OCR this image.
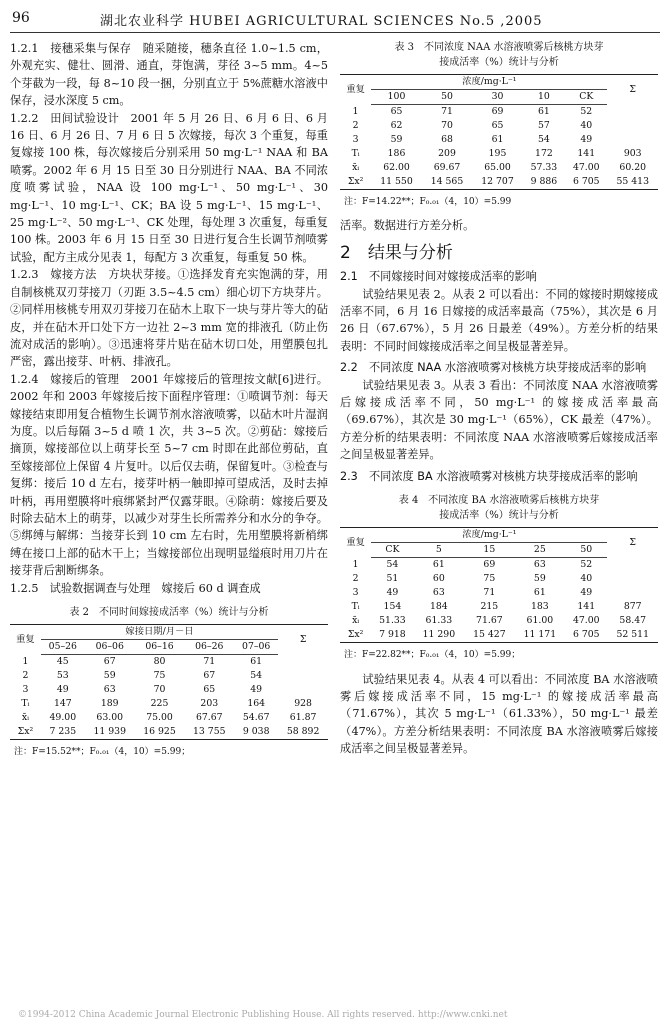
96	湖北农业科学 HUBEI AGRICULTURAL SCIENCES No.5 ,2005

1.2.1　接穗采集与保存　随采随接，穗条直径 1.0~1.5 cm，外观充实、健壮、圆滑、通直，芽饱满，芽径 3~5 mm。4~5 个芽截为一段，每 8~10 段一捆，分别直立于 5%蔗糖水溶液中保存，浸水深度 5 cm。

1.2.2　田间试验设计　2001 年 5 月 26 日、6 月 6 日、6 月 16 日、6 月 26 日、7 月 6 日 5 次嫁接，每次 3 个重复，每重复嫁接 100 株，每次嫁接后分别采用 50 mg·L⁻¹ NAA 和 BA 喷雾。2002 年 6 月 15 日至 30 日分别进行 NAA、BA 不同浓度喷雾试验，NAA 设 100 mg·L⁻¹、50 mg·L⁻¹、30 mg·L⁻¹、10 mg·L⁻¹、CK；BA 设 5 mg·L⁻¹、15 mg·L⁻¹、25 mg·L⁻²、50 mg·L⁻¹、CK 处理，每处理 3 次重复，每重复 100 株。2003 年 6 月 15 日至 30 日进行复合生长调节剂喷雾试验，配方主成分见表 1，每配方 3 次重复，每重复 50 株。

1.2.3　嫁接方法　方块状芽接。①选择发育充实饱满的芽，用自制核桃双刃芽接刀（刃距 3.5~4.5 cm）细心切下方块芽片。②同样用核桃专用双刃芽接刀在砧木上取下一块与芽片等大的砧皮，并在砧木开口处下方一边社 2~3 mm 宽的排液孔（防止伤流对成活的影响）。③迅速将芽片贴在砧木切口处，用塑膜包扎严密，露出接芽、叶柄、排液孔。

1.2.4　嫁接后的管理　2001 年嫁接后的管理按文献[6]进行。2002 年和 2003 年嫁接后按下面程序管理：①喷调节剂：每天嫁接结束即用复合植物生长调节剂水溶液喷雾，以砧木叶片湿润为度。以后每隔 3~5 d 喷 1 次，共 3~5 次。②剪砧：嫁接后摘顶，嫁接部位以上萌芽长至 5~7 cm 时即在此部位剪砧，直至嫁接部位上保留 4 片复叶。以后仅去萌，保留复叶。③检查与复绑：接后 10 d 左右，接芽叶柄一触即掉可望成活，及时去掉叶柄，再用塑膜将叶痕绑紧封严仅露芽眼。④除萌：嫁接后要及时除去砧木上的萌芽，以减少对芽生长所需养分和水分的争夺。⑤绑缚与解绑：当接芽长到 10 cm 左右时，先用塑膜将新梢绑缚在接口上部的砧木干上；当嫁接部位出现明显缢痕时用刀片在接芽背后割断绑条。

1.2.5　试验数据调查与处理　嫁接后 60 d 调查成

表 2　不同时间嫁接成活率（%）统计与分析
重复	嫁接日期/月－日					Σ
	05–26	06–06	06–16	06–26	07–06	
1	45	67	80	71	61	
2	53	59	75	67	54	
3	49	63	70	65	49	
Tᵢ	147	189	225	203	164	928
x̄ᵢ	49.00	63.00	75.00	67.67	54.67	61.87
Σx²	7 235	11 939	16 925	13 755	9 038	58 892
注：F=15.52**；F₀.₀₁（4，10）=5.99；
表 3　不同浓度 NAA 水溶液喷雾后核桃方块芽
接成活率（%）统计与分析
重复	浓度/mg·L⁻¹					Σ
	100	50	30	10	CK	
1	65	71	69	61	52	
2	62	70	65	57	40	
3	59	68	61	54	49	
Tᵢ	186	209	195	172	141	903
x̄ᵢ	62.00	69.67	65.00	57.33	47.00	60.20
Σx²	11 550	14 565	12 707	9 886	6 705	55 413
注：F=14.22**；F₀.₀₁（4，10）=5.99

活率。数据进行方差分析。

2　结果与分析
2.1　不同嫁接时间对嫁接成活率的影响

试验结果见表 2。从表 2 可以看出：不同的嫁接时期嫁接成活率不同，6 月 16 日嫁接的成活率最高（75%），其次是 6 月 26 日（67.67%），5 月 26 日最差（49%）。方差分析的结果表明：不同时间嫁接成活率之间呈极显著差异。

2.2　不同浓度 NAA 水溶液喷雾对核桃方块芽接成活率的影响

试验结果见表 3。从表 3 看出：不同浓度 NAA 水溶液喷雾后嫁接成活率不同，50 mg·L⁻¹ 的嫁接成活率最高（69.67%），其次是 30 mg·L⁻¹（65%），CK 最差（47%）。方差分析的结果表明：不同浓度 NAA 水溶液喷雾后嫁接成活率之间呈极显著差异。

2.3　不同浓度 BA 水溶液喷雾对核桃方块芽接成活率的影响
表 4　不同浓度 BA 水溶液喷雾后核桃方块芽
接成活率（%）统计与分析
重复	浓度/mg·L⁻¹					Σ
	CK	5	15	25	50	
1	54	61	69	63	52	
2	51	60	75	59	40	
3	49	63	71	61	49	
Tᵢ	154	184	215	183	141	877
x̄ᵢ	51.33	61.33	71.67	61.00	47.00	58.47
Σx²	7 918	11 290	15 427	11 171	6 705	52 511
注：F=22.82**；F₀.₀₁（4，10）=5.99；

试验结果见表 4。从表 4 可以看出：不同浓度 BA 水溶液喷雾后嫁接成活率不同，15 mg·L⁻¹ 的嫁接成活率最高（71.67%），其次 5 mg·L⁻¹（61.33%），50 mg·L⁻¹ 最差（47%）。方差分析结果表明：不同浓度 BA 水溶液喷雾后嫁接成活率之间呈极显著差异。

©1994-2012 China Academic Journal Electronic Publishing House. All rights reserved. http://www.cnki.net
